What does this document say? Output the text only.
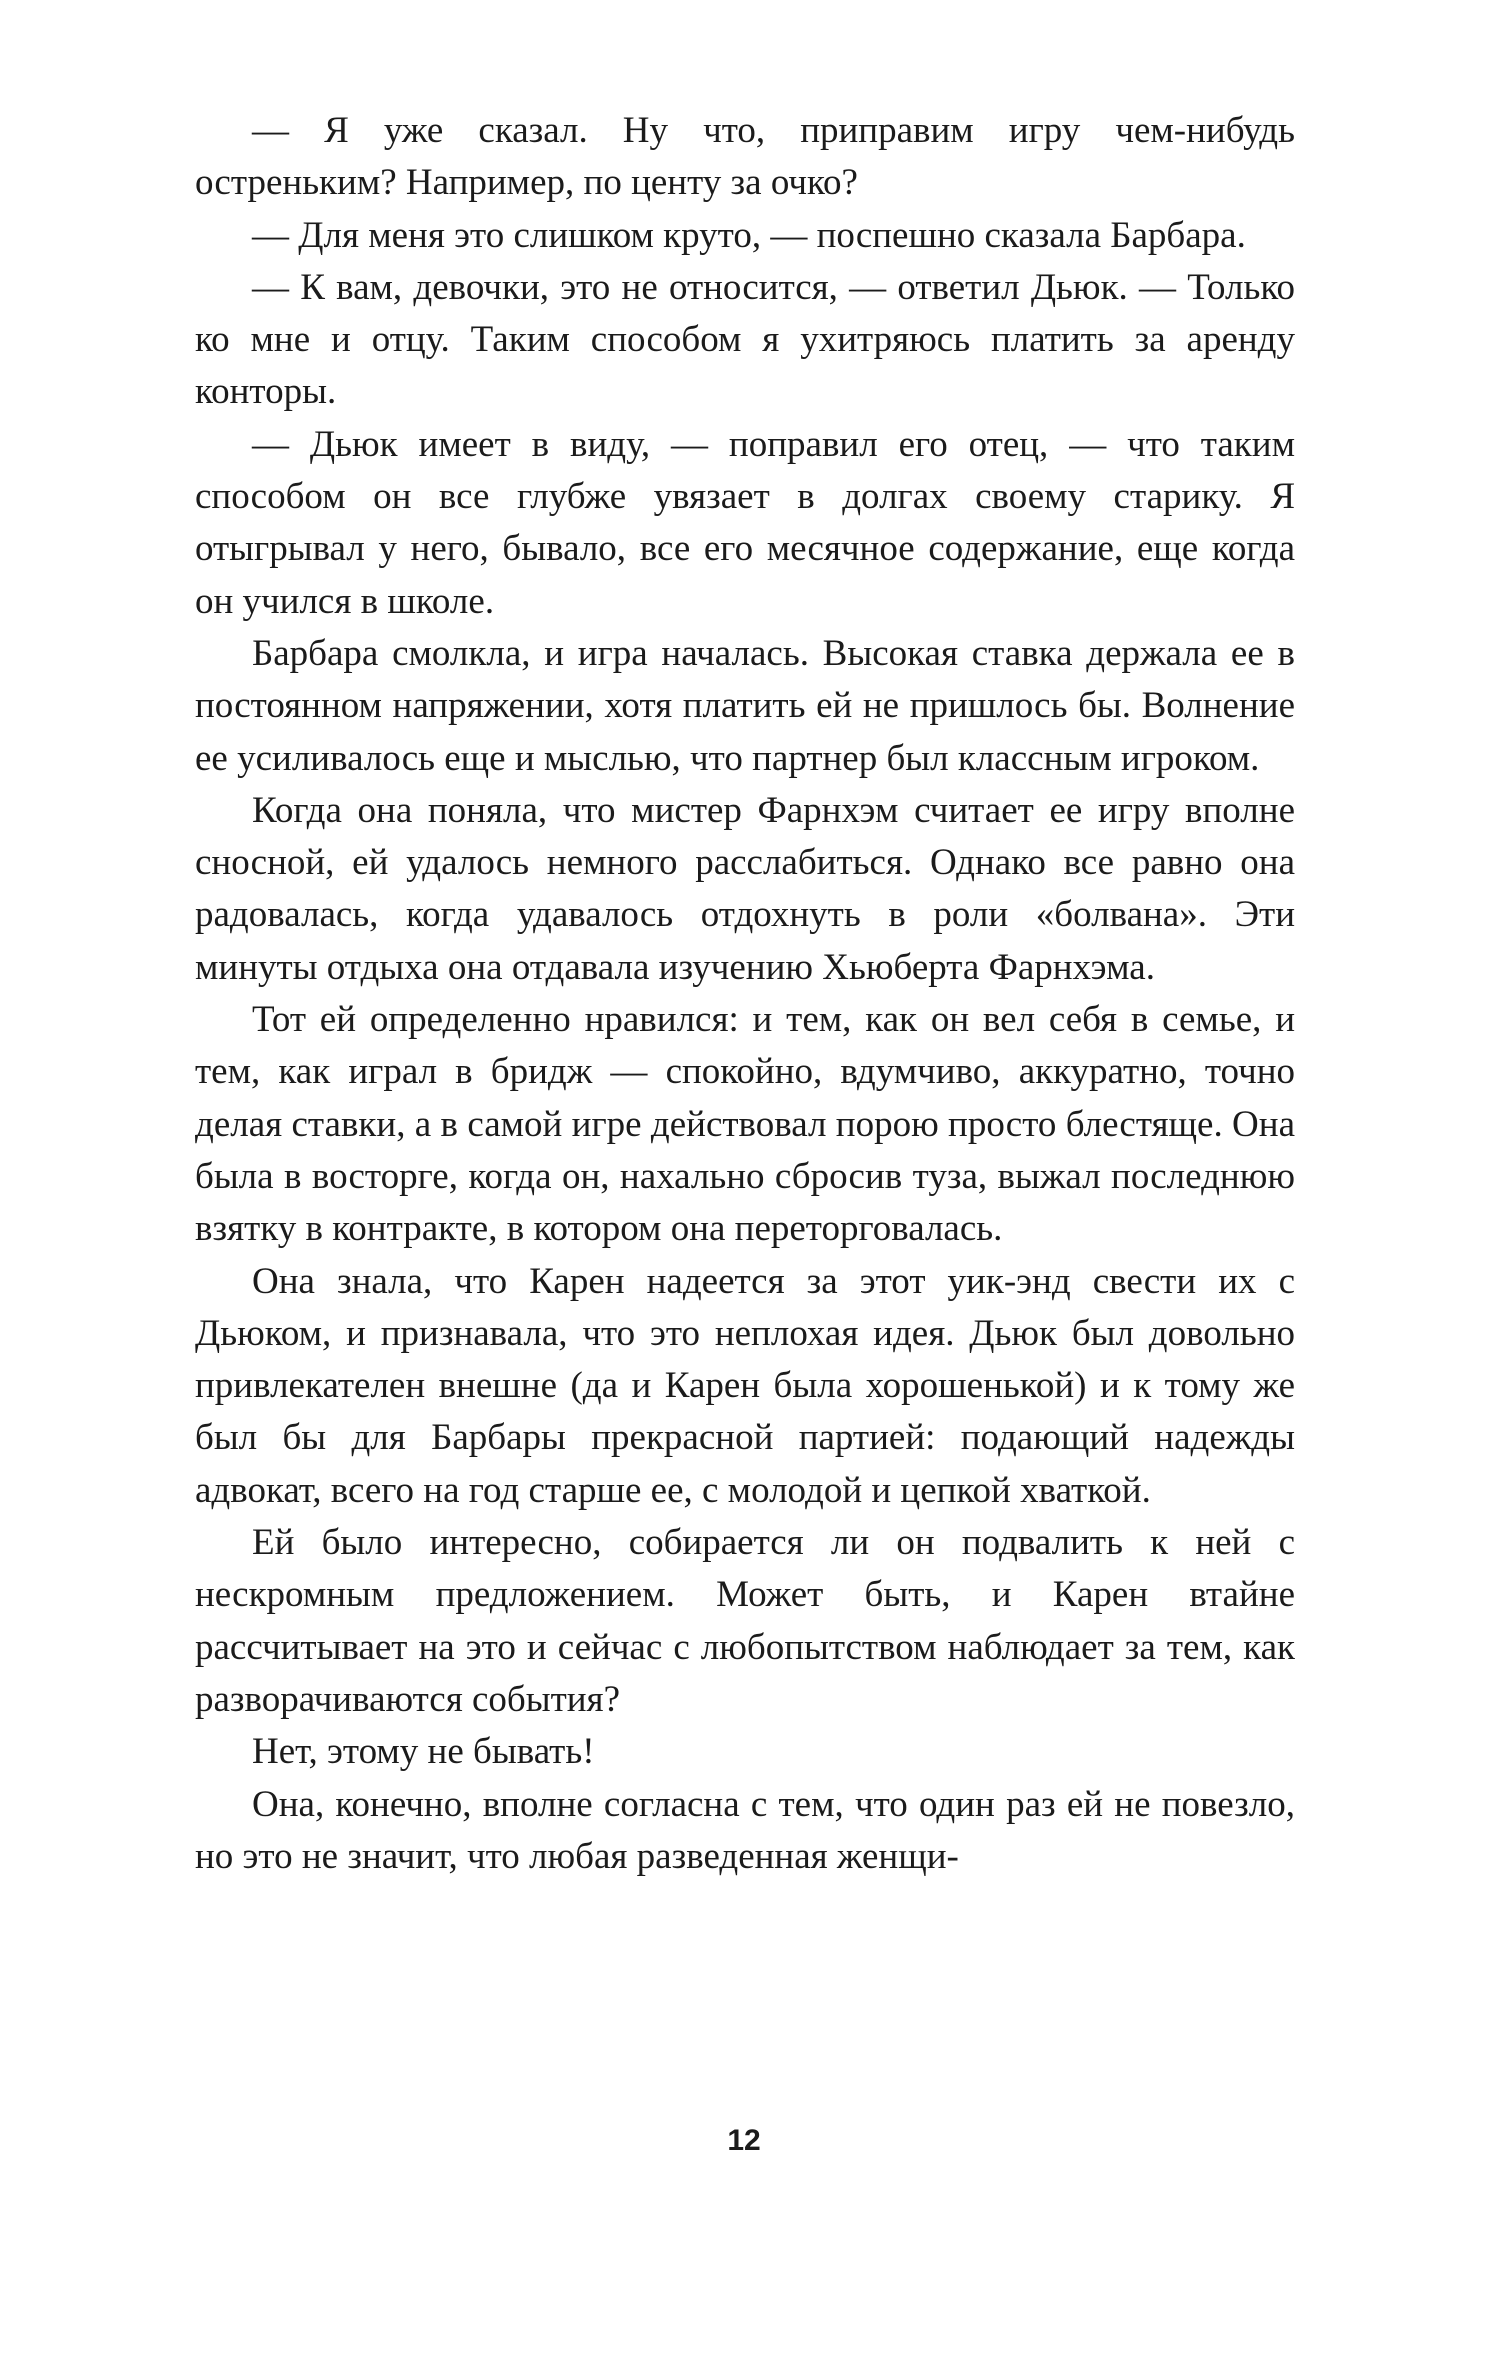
— Я уже сказал. Ну что, приправим игру чем-нибудь остреньким? Например, по центу за очко?

— Для меня это слишком круто, — поспешно сказала Барбара.

— К вам, девочки, это не относится, — ответил Дьюк. — Только ко мне и отцу. Таким способом я ухитряюсь платить за аренду конторы.

— Дьюк имеет в виду, — поправил его отец, — что таким способом он все глубже увязает в долгах своему старику. Я отыгрывал у него, бывало, все его месячное содержание, еще когда он учился в школе.

Барбара смолкла, и игра началась. Высокая ставка держала ее в постоянном напряжении, хотя платить ей не пришлось бы. Волнение ее усиливалось еще и мыслью, что партнер был классным игроком.

Когда она поняла, что мистер Фарнхэм считает ее игру вполне сносной, ей удалось немного расслабиться. Однако все равно она радовалась, когда удавалось отдохнуть в роли «болвана». Эти минуты отдыха она отдавала изучению Хьюберта Фарнхэма.

Тот ей определенно нравился: и тем, как он вел себя в семье, и тем, как играл в бридж — спокойно, вдумчиво, аккуратно, точно делая ставки, а в самой игре действовал порою просто блестяще. Она была в восторге, когда он, нахально сбросив туза, выжал последнюю взятку в контракте, в котором она переторговалась.

Она знала, что Карен надеется за этот уик-энд свести их с Дьюком, и признавала, что это неплохая идея. Дьюк был довольно привлекателен внешне (да и Карен была хорошенькой) и к тому же был бы для Барбары прекрасной партией: подающий надежды адвокат, всего на год старше ее, с молодой и цепкой хваткой.

Ей было интересно, собирается ли он подвалить к ней с нескромным предложением. Может быть, и Карен втайне рассчитывает на это и сейчас с любопытством наблюдает за тем, как разворачиваются события?

Нет, этому не бывать!

Она, конечно, вполне согласна с тем, что один раз ей не повезло, но это не значит, что любая разведенная женщи-

12
